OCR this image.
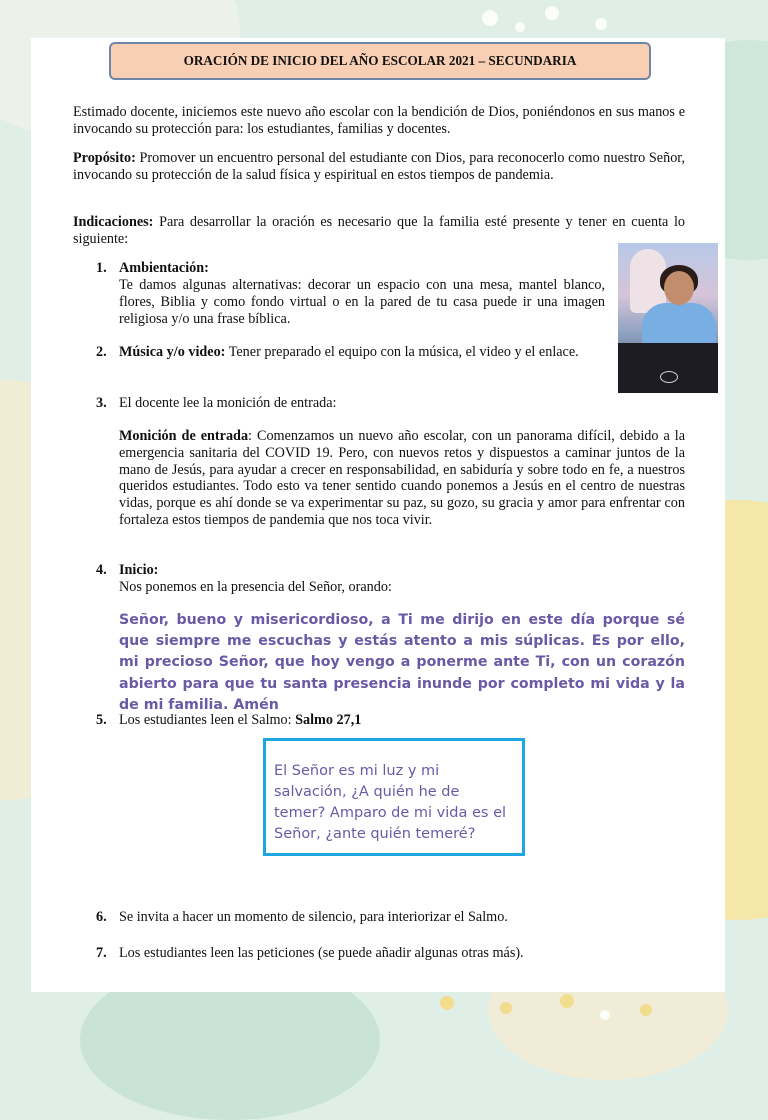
ORACIÓN DE INICIO DEL AÑO ESCOLAR 2021 – SECUNDARIA
Estimado docente, iniciemos este nuevo año escolar con la bendición de Dios, poniéndonos en sus manos e invocando su protección para: los estudiantes, familias y docentes.
Propósito: Promover un encuentro personal del estudiante con Dios, para reconocerlo como nuestro Señor, invocando su protección de la salud física y espiritual en estos tiempos de pandemia.
Indicaciones: Para desarrollar la oración es necesario que la familia esté presente y tener en cuenta lo siguiente:
1. Ambientación:
Te damos algunas alternativas: decorar un espacio con una mesa, mantel blanco, flores, Biblia y como fondo virtual o en la pared de tu casa puede ir una imagen religiosa y/o una frase bíblica.
2. Música y/o video: Tener preparado el equipo con la música, el video y el enlace.
3. El docente lee la monición de entrada:
Monición de entrada: Comenzamos un nuevo año escolar, con un panorama difícil, debido a la emergencia sanitaria del COVID 19. Pero, con nuevos retos y dispuestos a caminar juntos de la mano de Jesús, para ayudar a crecer en responsabilidad, en sabiduría y sobre todo en fe, a nuestros queridos estudiantes. Todo esto va tener sentido cuando ponemos a Jesús en el centro de nuestras vidas, porque es ahí donde se va experimentar su paz, su gozo, su gracia y amor para enfrentar con fortaleza estos tiempos de pandemia que nos toca vivir.
4. Inicio:
Nos ponemos en la presencia del Señor, orando:
Señor, bueno y misericordioso, a Ti me dirijo en este día porque sé que siempre me escuchas y estás atento a mis súplicas. Es por ello, mi precioso Señor, que hoy vengo a ponerme ante Ti, con un corazón abierto para que tu santa presencia inunde por completo mi vida y la de mi familia. Amén
5. Los estudiantes leen el Salmo: Salmo 27,1
El Señor es mi luz y mi salvación, ¿A quién he de temer? Amparo de mi vida es el Señor, ¿ante quién temeré?
6. Se invita a hacer un momento de silencio, para interiorizar el Salmo.
7. Los estudiantes leen las peticiones (se puede añadir algunas otras más).
